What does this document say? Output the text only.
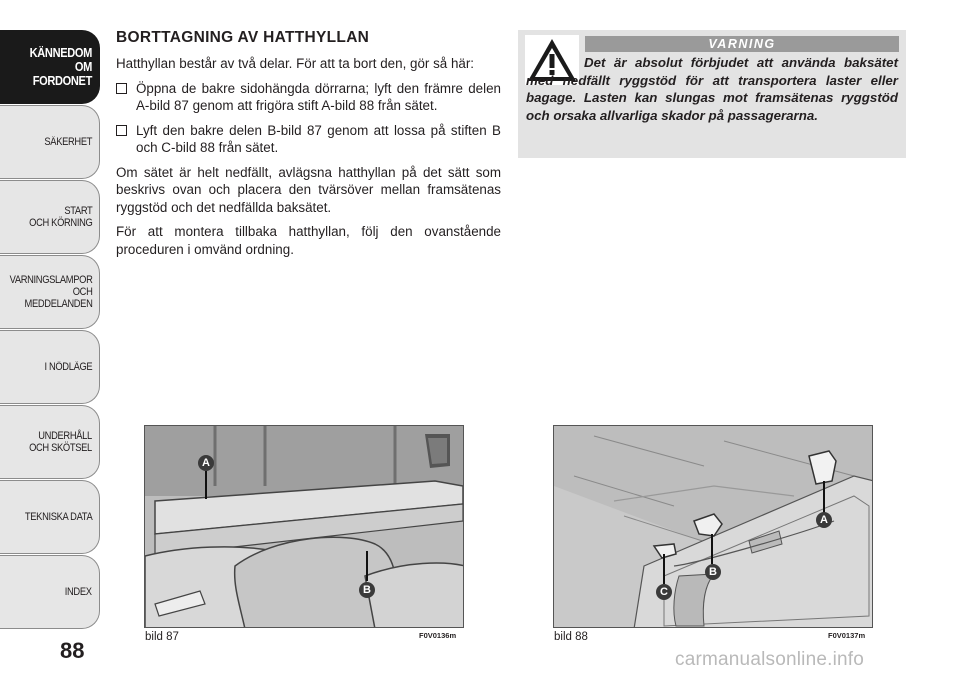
KÄNNEDOM
OM FORDONET
SÄKERHET
START
OCH KÖRNING
VARNINGSLAMPOR
OCH
MEDDELANDEN
I NÖDLÄGE
UNDERHÅLL
OCH SKÖTSEL
TEKNISKA DATA
INDEX
88
BORTTAGNING AV HATTHYLLAN

Hatthyllan består av två delar. För att ta bort den, gör så här:

Öppna de bakre sidohängda dörrarna; lyft den främre delen A-bild 87 genom att frigöra stift A-bild 88 från sätet.
Lyft den bakre delen B-bild 87 genom att lossa på stiften B och C-bild 88 från sätet.

Om sätet är helt nedfällt, avlägsna hatthyllan på det sätt som beskrivs ovan och placera den tvärsöver mellan framsätenas ryggstöd och det nedfällda baksätet.

För att montera tillbaka hatthyllan, följ den ovanstående proceduren i omvänd ordning.

VARNING
Det är absolut förbjudet att använda baksätet med nedfällt ryggstöd för att transportera laster eller bagage. Lasten kan slungas mot framsätenas ryggstöd och orsaka allvarliga skador på passagerarna.
A
B
bild 87	F0V0136m
A
B
C
bild 88	F0V0137m
carmanualsonline.info
